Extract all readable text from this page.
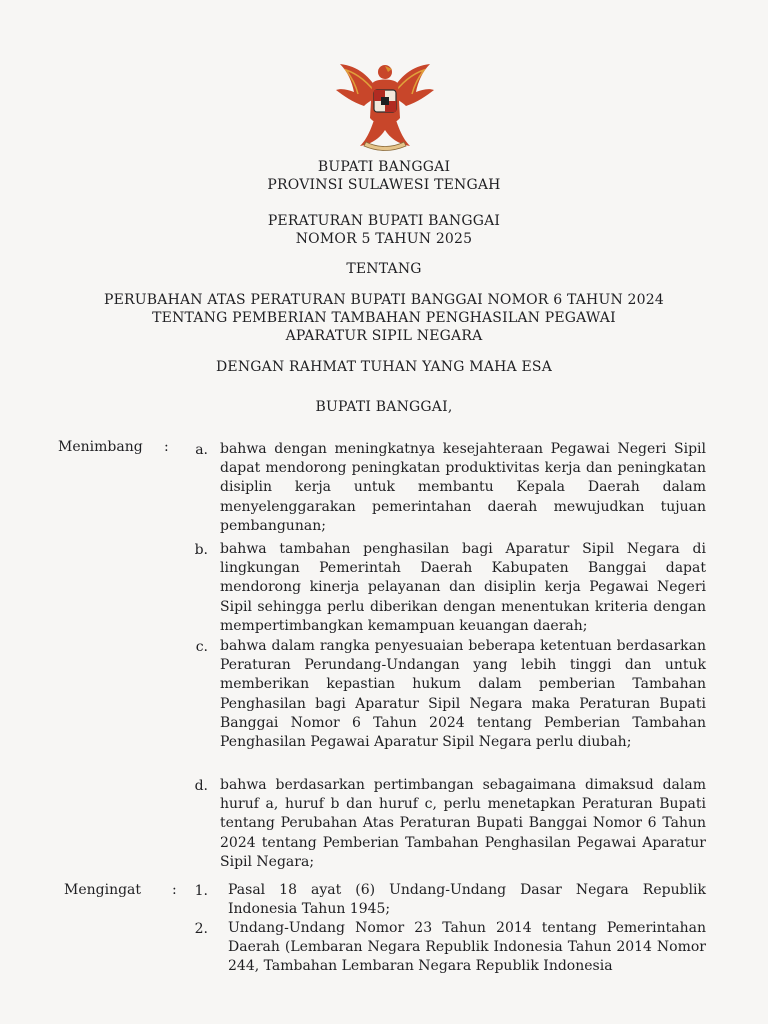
BUPATI BANGGAI
PROVINSI SULAWESI TENGAH
PERATURAN BUPATI BANGGAI
NOMOR 5 TAHUN 2025
TENTANG
PERUBAHAN ATAS PERATURAN BUPATI BANGGAI NOMOR 6 TAHUN 2024
TENTANG PEMBERIAN TAMBAHAN PENGHASILAN PEGAWAI
APARATUR SIPIL NEGARA
DENGAN RAHMAT TUHAN YANG MAHA ESA
BUPATI BANGGAI,
Menimbang :	a. bahwa dengan meningkatnya kesejahteraan Pegawai Negeri Sipil dapat mendorong peningkatan produktivitas kerja dan peningkatan disiplin kerja untuk membantu Kepala Daerah dalam menyelenggarakan pemerintahan daerah mewujudkan tujuan pembangunan;
b. bahwa tambahan penghasilan bagi Aparatur Sipil Negara di lingkungan Pemerintah Daerah Kabupaten Banggai dapat mendorong kinerja pelayanan dan disiplin kerja Pegawai Negeri Sipil sehingga perlu diberikan dengan menentukan kriteria dengan mempertimbangkan kemampuan keuangan daerah;
c. bahwa dalam rangka penyesuaian beberapa ketentuan berdasarkan Peraturan Perundang-Undangan yang lebih tinggi dan untuk memberikan kepastian hukum dalam pemberian Tambahan Penghasilan bagi Aparatur Sipil Negara maka Peraturan Bupati Banggai Nomor 6 Tahun 2024 tentang Pemberian Tambahan Penghasilan Pegawai Aparatur Sipil Negara perlu diubah;
d. bahwa berdasarkan pertimbangan sebagaimana dimaksud dalam huruf a, huruf b dan huruf c, perlu menetapkan Peraturan Bupati tentang Perubahan Atas Peraturan Bupati Banggai Nomor 6 Tahun 2024 tentang Pemberian Tambahan Penghasilan Pegawai Aparatur Sipil Negara;
Mengingat :	1. Pasal 18 ayat (6) Undang-Undang Dasar Negara Republik Indonesia Tahun 1945;
2. Undang-Undang Nomor 23 Tahun 2014 tentang Pemerintahan Daerah (Lembaran Negara Republik Indonesia Tahun 2014 Nomor 244, Tambahan Lembaran Negara Republik Indonesia
